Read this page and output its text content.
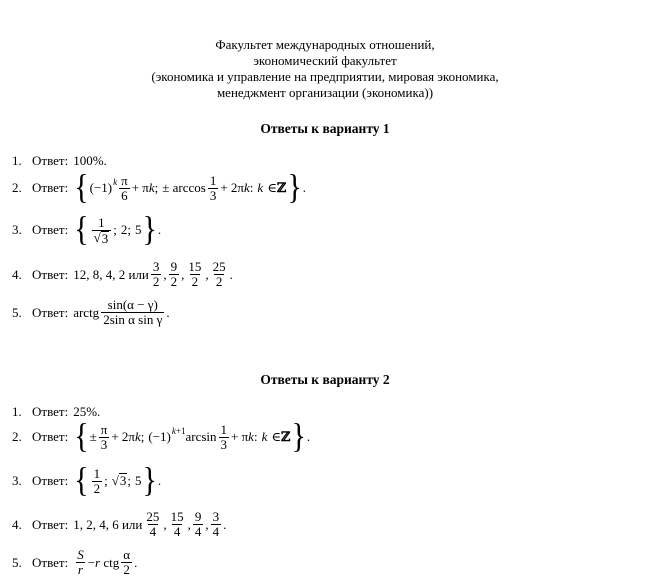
Факультет международных отношений,
экономический факультет
(экономика и управление на предприятии, мировая экономика,
менеджмент организации (экономика))
Ответы к варианту 1
1. Ответ: 100%.
2. Ответ: { (−1) k $\frac{\pi}{6} + \pi$ k ; ± $\arccos \frac{1}{3} + 2\pi$ k : k ∈ ℤ } .
3. Ответ: { $\frac{1}{√ 3}$ ; 2; 5 } .
4. Ответ: 12, 8, 4, 2 или $\frac{3}{2}$ , $\frac{9}{2}$ , $\frac{15}{2}$ , $\frac{25}{2}$ .
5. Ответ: arctg $\frac{\sin(\alpha - \gamma)}{\text{2sin α sin γ}}$ .
Ответы к варианту 2
1. Ответ: 25%.
2. Ответ: { ± $\frac{\pi}{3} + 2\pi$ k ; (−1) k+1 $\arcsin \frac{1}{3} + \pi$ k : k ∈ ℤ } .
3. Ответ: { $\frac{1}{2}$ ; √ 3 ; 5 } .
4. Ответ: 1, 2, 4, 6 или $\frac{25}{4}$ , $\frac{15}{4}$ , $\frac{9}{4}$ , $\frac{3}{4}$ .
5. Ответ: $\frac{S}{r} - r$ ctg $\frac{\alpha}{2}$ .
